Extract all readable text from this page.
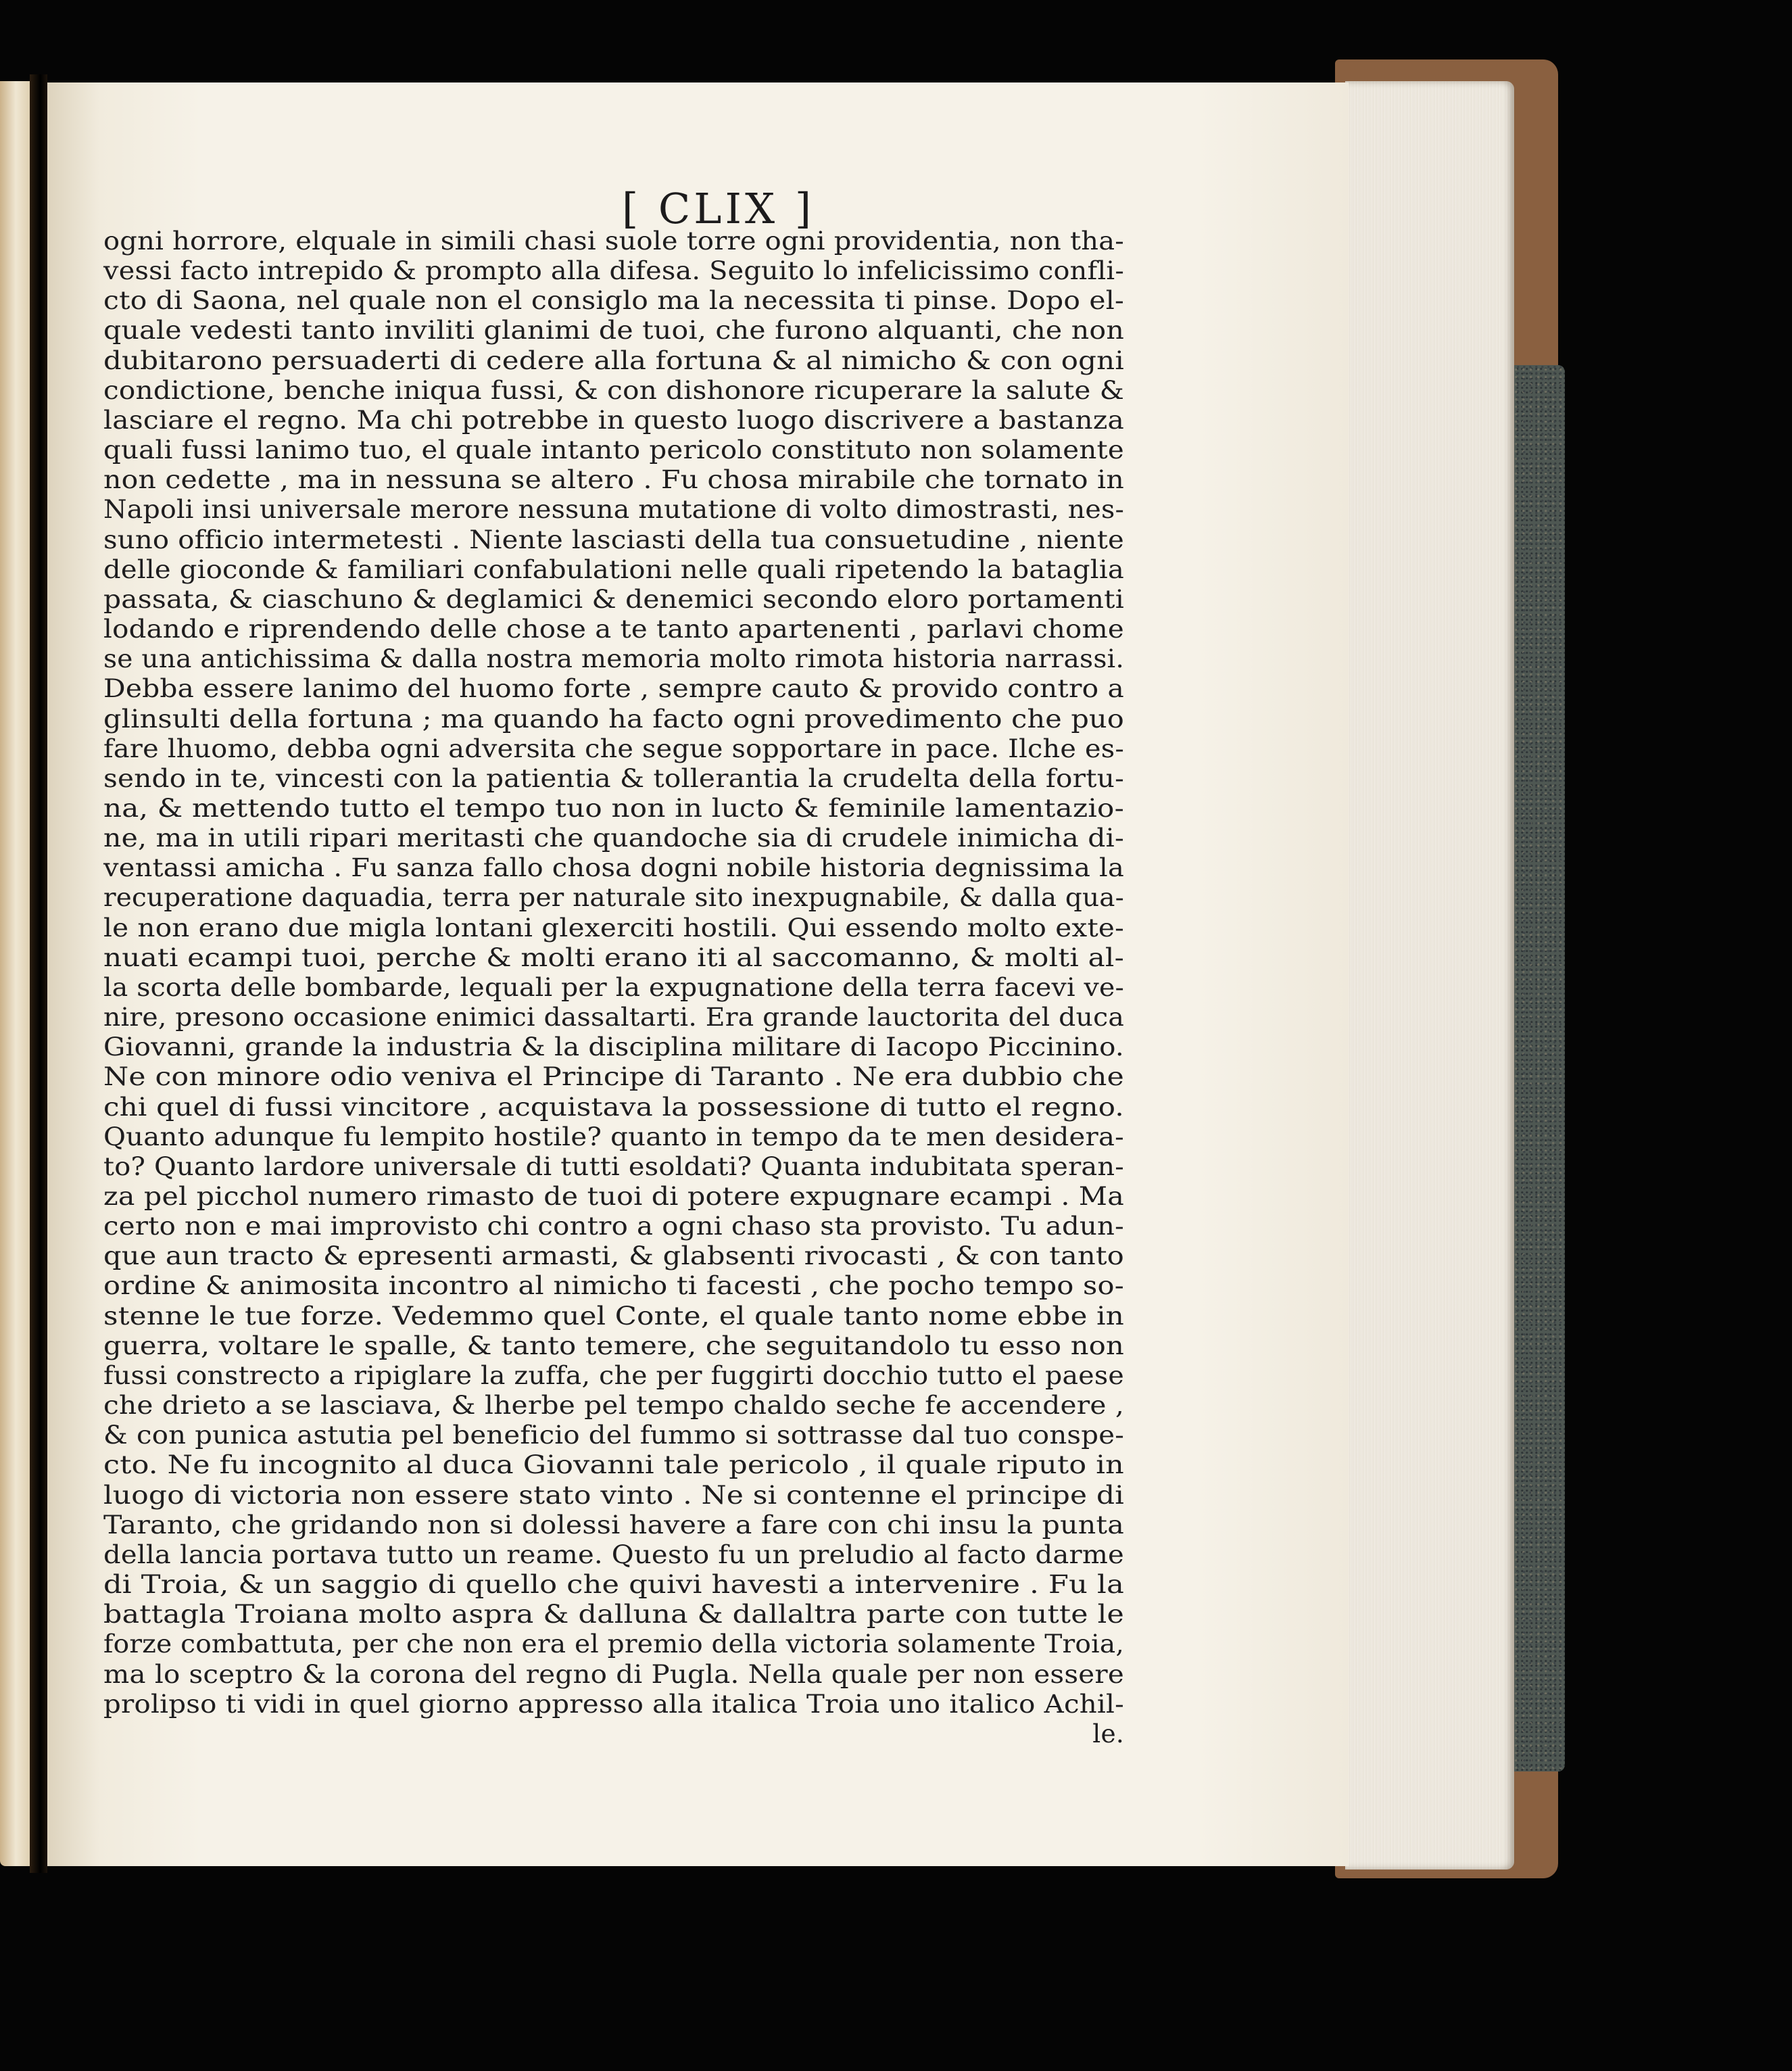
[ CLIX ]
ogni horrore, elquale in simili chasi suole torre ogni providentia, non tha-
vessi facto intrepido & prompto alla difesa. Seguito lo infelicissimo confli-
cto di Saona, nel quale non el consiglo ma la necessita ti pinse. Dopo el-
quale vedesti tanto inviliti glanimi de tuoi, che furono alquanti, che non
dubitarono persuaderti di cedere alla fortuna & al nimicho & con ogni
condictione, benche iniqua fussi, & con dishonore ricuperare la salute &
lasciare el regno. Ma chi potrebbe in questo luogo discrivere a bastanza
quali fussi lanimo tuo, el quale intanto pericolo constituto non solamente
non cedette , ma in nessuna se altero . Fu chosa mirabile che tornato in
Napoli insi universale merore nessuna mutatione di volto dimostrasti, nes-
suno officio intermetesti . Niente lasciasti della tua consuetudine , niente
delle gioconde & familiari confabulationi nelle quali ripetendo la bataglia
passata, & ciaschuno & deglamici & denemici secondo eloro portamenti
lodando e riprendendo delle chose a te tanto apartenenti , parlavi chome
se una antichissima & dalla nostra memoria molto rimota historia narrassi.
Debba essere lanimo del huomo forte , sempre cauto & provido contro a
glinsulti della fortuna ; ma quando ha facto ogni provedimento che puo
fare lhuomo, debba ogni adversita che segue sopportare in pace. Ilche es-
sendo in te, vincesti con la patientia & tollerantia la crudelta della fortu-
na, & mettendo tutto el tempo tuo non in lucto & feminile lamentazio-
ne, ma in utili ripari meritasti che quandoche sia di crudele inimicha di-
ventassi amicha . Fu sanza fallo chosa dogni nobile historia degnissima la
recuperatione daquadia, terra per naturale sito inexpugnabile, & dalla qua-
le non erano due migla lontani glexerciti hostili. Qui essendo molto exte-
nuati ecampi tuoi, perche & molti erano iti al saccomanno, & molti al-
la scorta delle bombarde, lequali per la expugnatione della terra facevi ve-
nire, presono occasione enimici dassaltarti. Era grande lauctorita del duca
Giovanni, grande la industria & la disciplina militare di Iacopo Piccinino.
Ne con minore odio veniva el Principe di Taranto . Ne era dubbio che
chi quel di fussi vincitore , acquistava la possessione di tutto el regno.
Quanto adunque fu lempito hostile? quanto in tempo da te men desidera-
to? Quanto lardore universale di tutti esoldati? Quanta indubitata speran-
za pel picchol numero rimasto de tuoi di potere expugnare ecampi . Ma
certo non e mai improvisto chi contro a ogni chaso sta provisto. Tu adun-
que aun tracto & epresenti armasti, & glabsenti rivocasti , & con tanto
ordine & animosita incontro al nimicho ti facesti , che pocho tempo so-
stenne le tue forze. Vedemmo quel Conte, el quale tanto nome ebbe in
guerra, voltare le spalle, & tanto temere, che seguitandolo tu esso non
fussi constrecto a ripiglare la zuffa, che per fuggirti docchio tutto el paese
che drieto a se lasciava, & lherbe pel tempo chaldo seche fe accendere ,
& con punica astutia pel beneficio del fummo si sottrasse dal tuo conspe-
cto. Ne fu incognito al duca Giovanni tale pericolo , il quale riputo in
luogo di victoria non essere stato vinto . Ne si contenne el principe di
Taranto, che gridando non si dolessi havere a fare con chi insu la punta
della lancia portava tutto un reame. Questo fu un preludio al facto darme
di Troia, & un saggio di quello che quivi havesti a intervenire . Fu la
battagla Troiana molto aspra & dalluna & dallaltra parte con tutte le
forze combattuta, per che non era el premio della victoria solamente Troia,
ma lo sceptro & la corona del regno di Pugla. Nella quale per non essere
prolipso ti vidi in quel giorno appresso alla italica Troia uno italico Achil-
le.
